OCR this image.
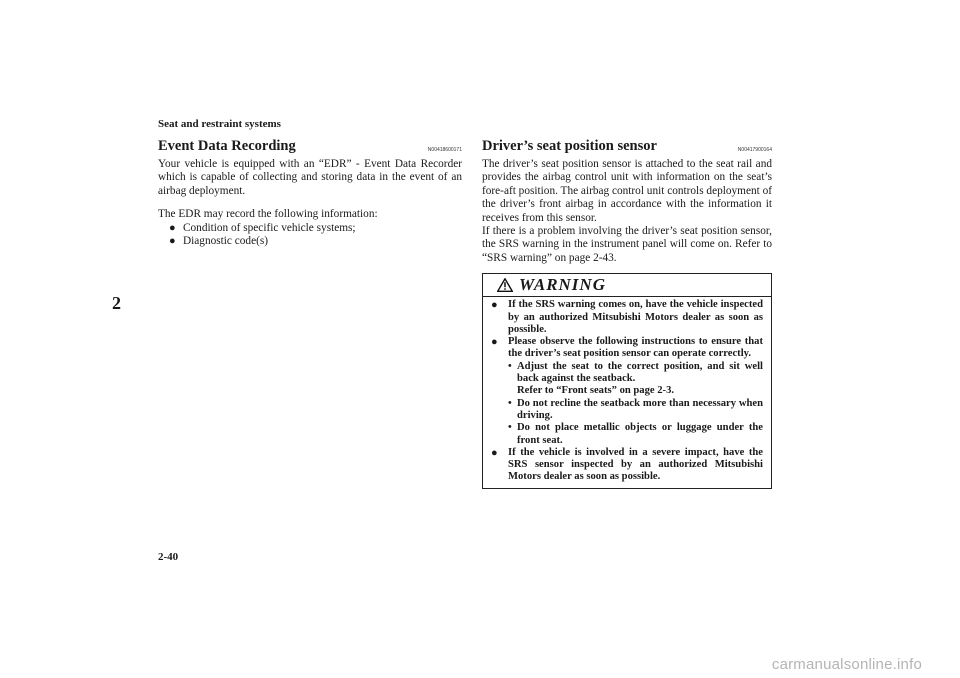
Seat and restraint systems
2
2-40
carmanualsonline.info
Event Data Recording	N00418600171

Your vehicle is equipped with an “EDR” - Event Data Recorder which is capable of collecting and storing data in the event of an airbag deployment.

The EDR may record the following information:

● Condition of specific vehicle systems;
● Diagnostic code(s)
Driver’s seat position sensor	N00417900164

The driver’s seat position sensor is attached to the seat rail and provides the airbag control unit with information on the seat’s fore-aft position. The airbag control unit controls deployment of the driver’s front airbag in accordance with the information it receives from this sensor.

If there is a problem involving the driver’s seat position sensor, the SRS warning in the instrument panel will come on. Refer to “SRS warning” on page 2-43.

WARNING
● If the SRS warning comes on, have the vehicle inspected by an authorized Mitsubishi Motors dealer as soon as possible.
● Please observe the following instructions to ensure that the driver’s seat position sensor can operate correctly.
• Adjust the seat to the correct position, and sit well back against the seatback.
Refer to “Front seats” on page 2-3.
• Do not recline the seatback more than necessary when driving.
• Do not place metallic objects or luggage under the front seat.
● If the vehicle is involved in a severe impact, have the SRS sensor inspected by an authorized Mitsubishi Motors dealer as soon as possible.
